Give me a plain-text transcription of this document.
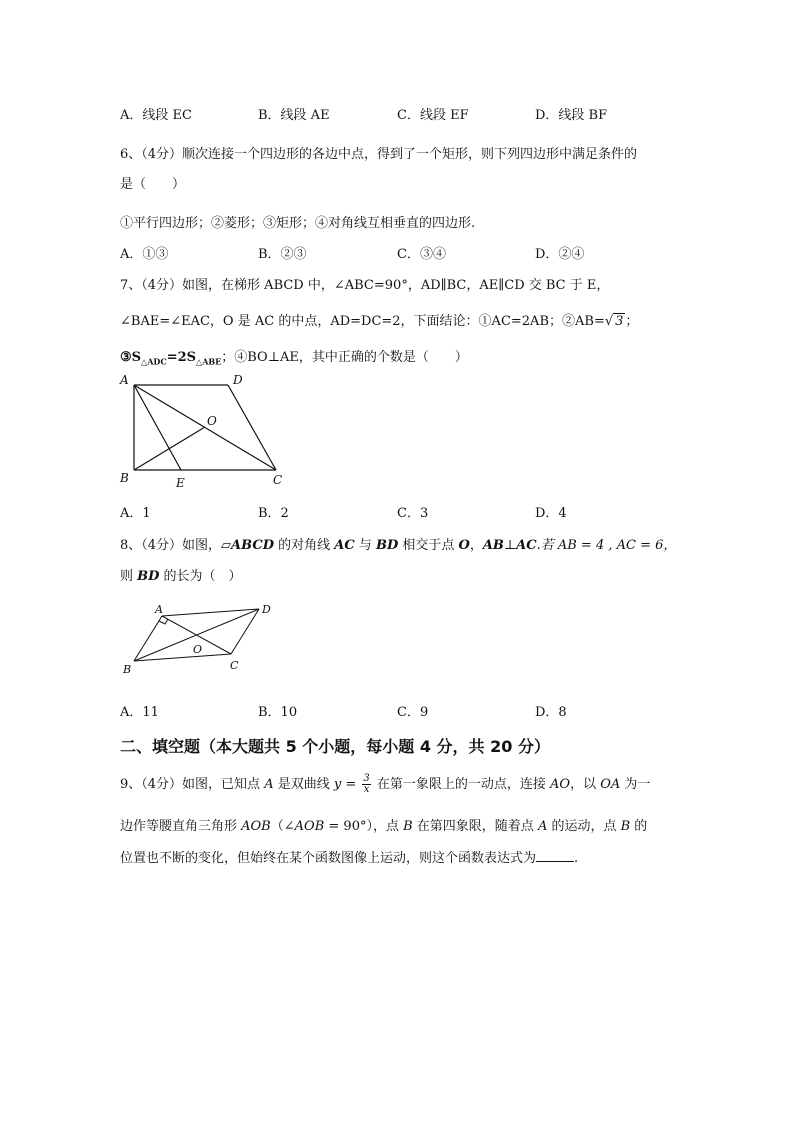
A．线段 EC	B．线段 AE	C．线段 EF	D．线段 BF
6、（4分）顺次连接一个四边形的各边中点，得到了一个矩形，则下列四边形中满足条件的
是（　　）
①平行四边形；②菱形；③矩形；④对角线互相垂直的四边形.
A．①③	B．②③	C．③④	D．②④
7、（4分）如图，在梯形 ABCD 中，∠ABC=90°，AD∥BC，AE∥CD 交 BC 于 E，
∠BAE=∠EAC，O 是 AC 的中点，AD=DC=2，下面结论：①AC=2AB；②AB=√ 3 ；
$③S_{\triangle ADC}=2S_{\triangle ABE}$；④BO⊥AE，其中正确的个数是（　　）
A	D
O
B	E	C
A．1	B．2	C．3	D．4
8、（4分）如图，▱ABCD 的对角线 AC 与 BD 相交于点 O，AB⊥AC.若 AB = 4 , AC = 6，
则 BD 的长为（　）
A	D
O
B	C
A．11	B．10	C．9	D．8
二、填空题（本大题共 5 个小题，每小题 4 分，共 20 分）
9、（4分）如图，已知点 A 是双曲线 $y = \frac{3}{x}$ 在第一象限上的一动点，连接 AO，以 OA 为一
边作等腰直角三角形 AOB（∠AOB = 90°），点 B 在第四象限，随着点 A 的运动，点 B 的
位置也不断的变化，但始终在某个函数图像上运动，则这个函数表达式为	.
